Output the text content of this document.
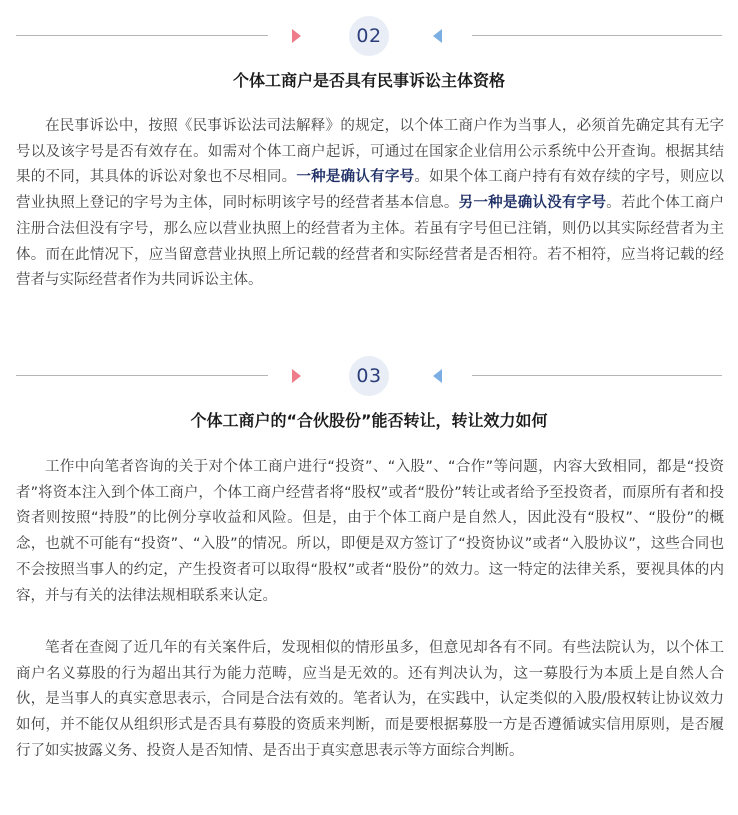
02
个体工商户是否具有民事诉讼主体资格

在民事诉讼中，按照《民事诉讼法司法解释》的规定，以个体工商户作为当事人，必须首先确定其有无字号以及该字号是否有效存在。如需对个体工商户起诉，可通过在国家企业信用公示系统中公开查询。根据其结果的不同，其具体的诉讼对象也不尽相同。一种是确认有字号。如果个体工商户持有有效存续的字号，则应以营业执照上登记的字号为主体，同时标明该字号的经营者基本信息。另一种是确认没有字号。若此个体工商户注册合法但没有字号，那么应以营业执照上的经营者为主体。若虽有字号但已注销，则仍以其实际经营者为主体。而在此情况下，应当留意营业执照上所记载的经营者和实际经营者是否相符。若不相符，应当将记载的经营者与实际经营者作为共同诉讼主体。

03
个体工商户的“合伙股份”能否转让，转让效力如何

工作中向笔者咨询的关于对个体工商户进行“投资”、“入股”、“合作”等问题，内容大致相同，都是“投资者”将资本注入到个体工商户，个体工商户经营者将“股权”或者“股份”转让或者给予至投资者，而原所有者和投资者则按照“持股”的比例分享收益和风险。但是，由于个体工商户是自然人，因此没有“股权”、“股份”的概念，也就不可能有“投资”、“入股”的情况。所以，即便是双方签订了“投资协议”或者“入股协议”，这些合同也不会按照当事人的约定，产生投资者可以取得“股权”或者“股份”的效力。这一特定的法律关系，要视具体的内容，并与有关的法律法规相联系来认定。

笔者在查阅了近几年的有关案件后，发现相似的情形虽多，但意见却各有不同。有些法院认为，以个体工商户名义募股的行为超出其行为能力范畴，应当是无效的。还有判决认为，这一募股行为本质上是自然人合伙，是当事人的真实意思表示，合同是合法有效的。笔者认为，在实践中，认定类似的入股/股权转让协议效力如何，并不能仅从组织形式是否具有募股的资质来判断，而是要根据募股一方是否遵循诚实信用原则，是否履行了如实披露义务、投资人是否知情、是否出于真实意思表示等方面综合判断。
